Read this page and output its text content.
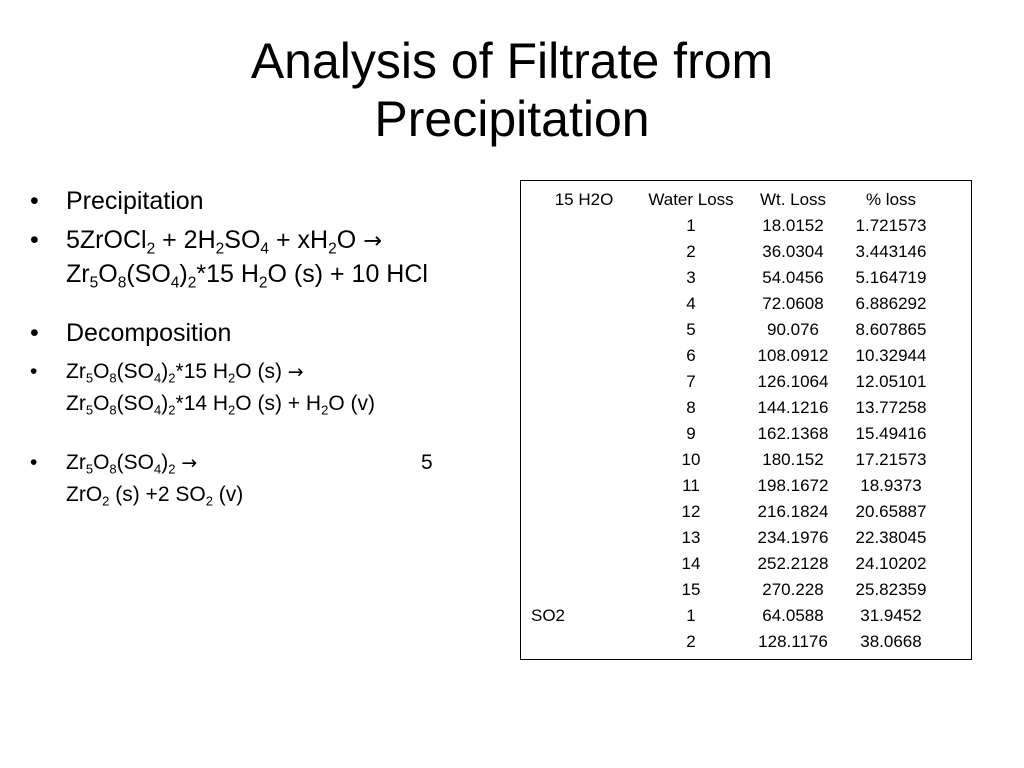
Analysis of Filtrate from
Precipitation
• Precipitation
• 5ZrOCl$_2$ + $2H_2SO_4 + xH_2O$ →
$Zr_5O_8(SO_4)_2*15$ $H_2O$ (s) + 10 HCl
• Decomposition
• $Zr_5O_8(SO_4)_2*15$ $H_2O$ (s) →
$Zr_5O_8(SO_4)_2*14$ $H_2O$ $(s) + H_2O$ (v)
• $Zr_5O_8(SO_4)_2$ →	5
ZrO$_2$ (s) +2 $SO_2$ (v)
15 H2O	Water Loss	Wt. Loss	% loss
	1	18.0152	1.721573
	2	36.0304	3.443146
	3	54.0456	5.164719
	4	72.0608	6.886292
	5	90.076	8.607865
	6	108.0912	10.32944
	7	126.1064	12.05101
	8	144.1216	13.77258
	9	162.1368	15.49416
	10	180.152	17.21573
	11	198.1672	18.9373
	12	216.1824	20.65887
	13	234.1976	22.38045
	14	252.2128	24.10202
	15	270.228	25.82359
SO2	1	64.0588	31.9452
	2	128.1176	38.0668
